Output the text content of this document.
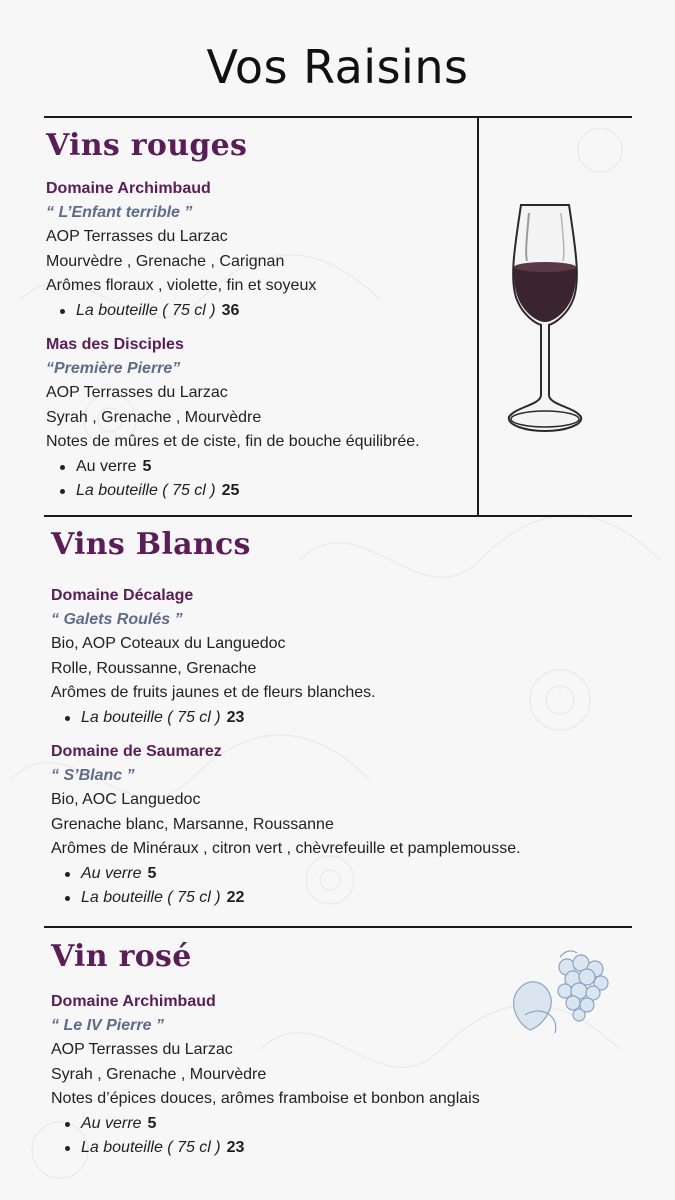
Vos Raisins
Vins rouges
Domaine Archimbaud
“ L’Enfant terrible ”
AOP Terrasses du Larzac
Mourvèdre , Grenache , Carignan
Arômes floraux , violette, fin et soyeux
La bouteille ( 75 cl ) 36
Mas des Disciples
“Première Pierre”
AOP Terrasses du Larzac
Syrah , Grenache , Mourvèdre
Notes de mûres et de ciste, fin de bouche équilibrée.
Au verre 5
La bouteille ( 75 cl ) 25
Vins Blancs
Domaine Décalage
“ Galets Roulés ”
Bio, AOP Coteaux du Languedoc
Rolle, Roussanne, Grenache
Arômes de fruits jaunes et de fleurs blanches.
La bouteille ( 75 cl ) 23
Domaine de Saumarez
“ S’Blanc ”
Bio, AOC Languedoc
Grenache blanc, Marsanne, Roussanne
Arômes de Minéraux , citron vert , chèvrefeuille et pamplemousse.
Au verre 5
La bouteille ( 75 cl ) 22
Vin rosé
Domaine Archimbaud
“ Le IV Pierre ”
AOP Terrasses du Larzac
Syrah , Grenache , Mourvèdre
Notes d’épices douces, arômes framboise et bonbon anglais
Au verre 5
La bouteille ( 75 cl ) 23
